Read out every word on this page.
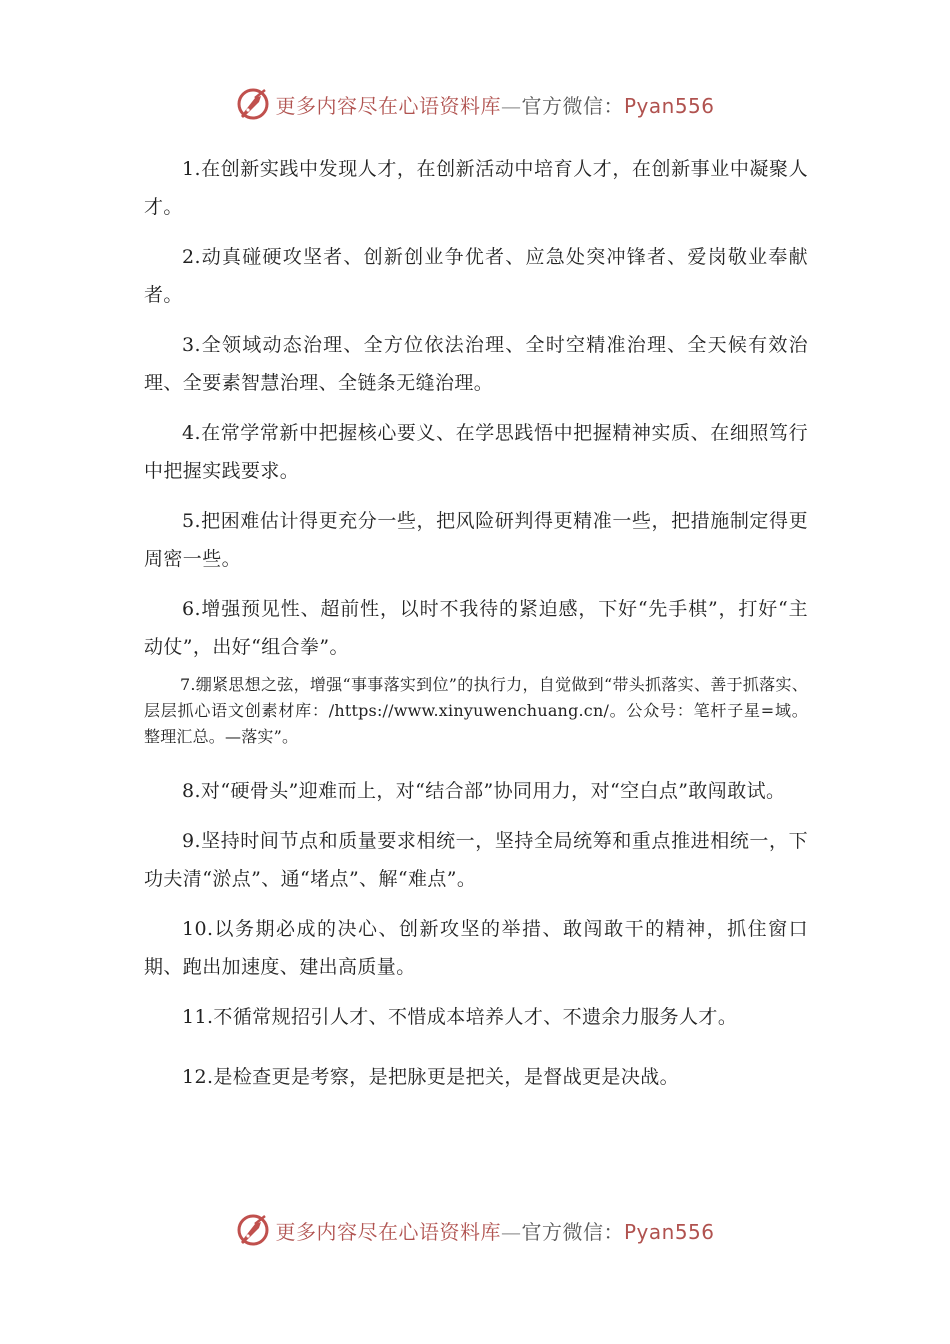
更多内容尽在心语资料库—官方微信：Pyan556

1.在创新实践中发现人才，在创新活动中培育人才，在创新事业中凝聚人才。

2.动真碰硬攻坚者、创新创业争优者、应急处突冲锋者、爱岗敬业奉献者。

3.全领域动态治理、全方位依法治理、全时空精准治理、全天候有效治理、全要素智慧治理、全链条无缝治理。

4.在常学常新中把握核心要义、在学思践悟中把握精神实质、在细照笃行中把握实践要求。

5.把困难估计得更充分一些，把风险研判得更精准一些，把措施制定得更周密一些。

6.增强预见性、超前性，以时不我待的紧迫感，下好“先手棋”，打好“主动仗”，出好“组合拳”。

7.绷紧思想之弦，增强“事事落实到位”的执行力，自觉做到“带头抓落实、善于抓落实、层层抓心语文创素材库：/https://www.xinyuwenchuang.cn/。公众号：笔杆子星=域。整理汇总。—落实”。

8.对“硬骨头”迎难而上，对“结合部”协同用力，对“空白点”敢闯敢试。

9.坚持时间节点和质量要求相统一，坚持全局统筹和重点推进相统一，下功夫清“淤点”、通“堵点”、解“难点”。

10.以务期必成的决心、创新攻坚的举措、敢闯敢干的精神，抓住窗口期、跑出加速度、建出高质量。

11.不循常规招引人才、不惜成本培养人才、不遗余力服务人才。

12.是检查更是考察，是把脉更是把关，是督战更是决战。

更多内容尽在心语资料库—官方微信：Pyan556
